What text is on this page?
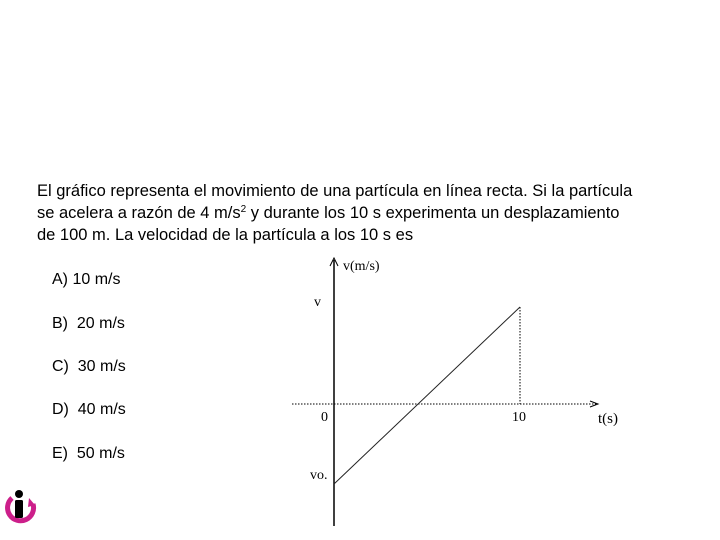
El gráfico representa el movimiento de una partícula en línea recta. Si la partícula
se acelera a razón de 4 $m/s^2$ y durante los 10 s experimenta un desplazamiento
de 100 m. La velocidad de la partícula a los 10 s es
A) 10 m/s
B)  20 m/s
C)  30 m/s
D)  40 m/s
E)  50 m/s
v(m/s)
v
0	10	t(s)
vo.
